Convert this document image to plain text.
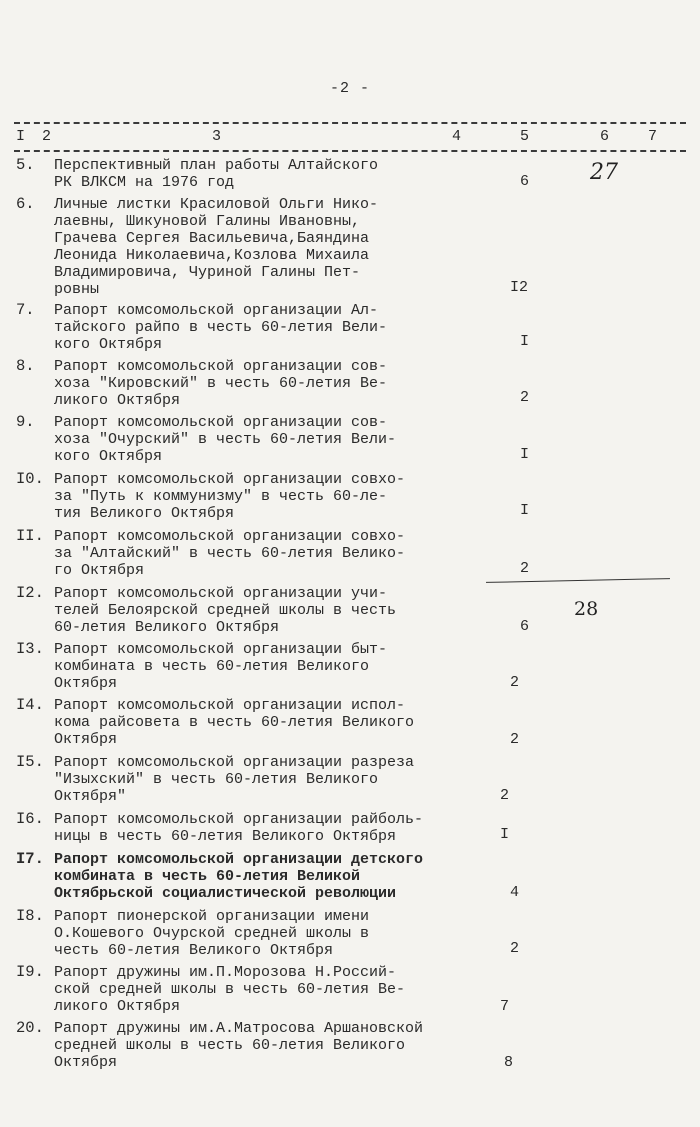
-2 -
I 2	3	4	5	6	7
5. Перспективный план работы Алтайского
РК ВЛКСМ на 1976 год	6	27
6. Личные листки Красиловой Ольги Нико-
лаевны, Шикуновой Галины Ивановны,
Грачева Сергея Васильевича,Баяндина
Леонида Николаевича,Козлова Михаила
Владимировича, Чуриной Галины Пет-
ровны	I2
7. Рапорт комсомольской организации Ал-
тайского райпо в честь 60-летия Вели-
кого Октября	I
8. Рапорт комсомольской организации сов-
хоза "Кировский" в честь 60-летия Ве-
ликого Октября	2
9. Рапорт комсомольской организации сов-
хоза "Очурский" в честь 60-летия Вели-
кого Октября	I
I0. Рапорт комсомольской организации совхо-
за "Путь к коммунизму" в честь 60-ле-
тия Великого Октября	I
II. Рапорт комсомольской организации совхо-
за "Алтайский" в честь 60-летия Велико-
го Октября	2
28
I2. Рапорт комсомольской организации учи-
телей Белоярской средней школы в честь
60-летия Великого Октября	6
I3. Рапорт комсомольской организации быт-
комбината в честь 60-летия Великого
Октября	2
I4. Рапорт комсомольской организации испол-
кома райсовета в честь 60-летия Великого
Октября	2
I5. Рапорт комсомольской организации разреза
"Изыхский" в честь 60-летия Великого
Октября"	2
I6. Рапорт комсомольской организации райболь-
ницы в честь 60-летия Великого Октября	I
I7. Рапорт комсомольской организации детского
комбината в честь 60-летия Великой
Октябрьской социалистической революции	4
I8. Рапорт пионерской организации имени
О.Кошевого Очурской средней школы в
честь 60-летия Великого Октября	2
I9. Рапорт дружины им.П.Морозова Н.Россий-
ской средней школы в честь 60-летия Ве-
ликого Октября	7
20. Рапорт дружины им.А.Матросова Аршановской
средней школы в честь 60-летия Великого
Октября	8
